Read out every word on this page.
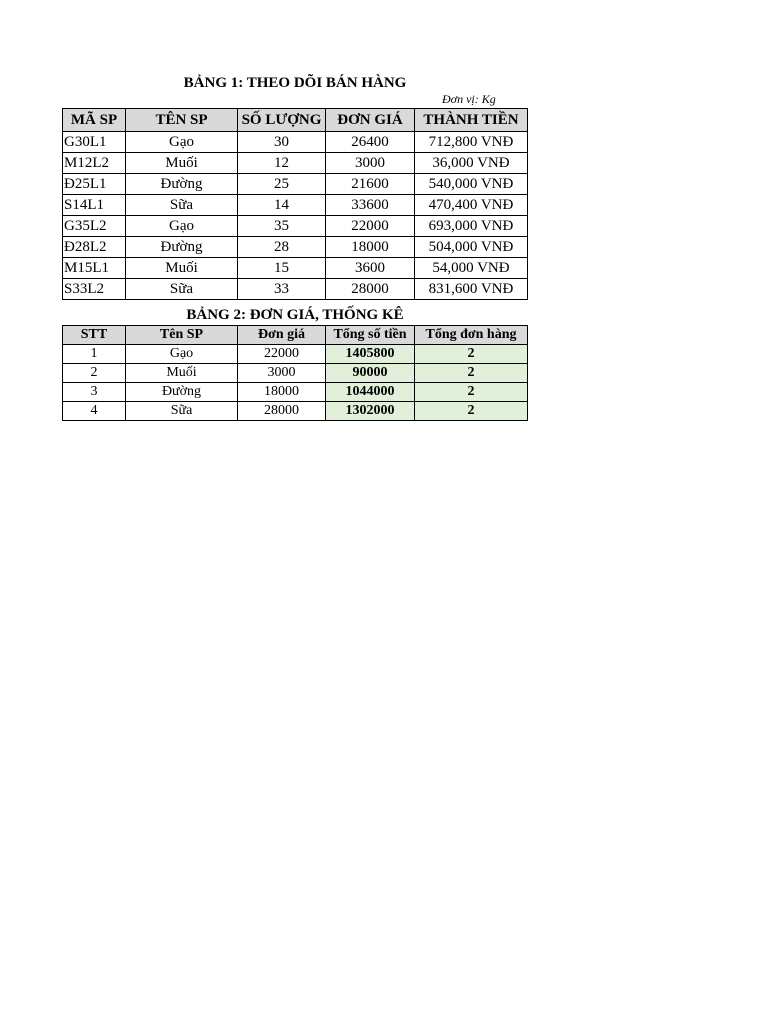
BẢNG 1: THEO DÕI BÁN HÀNG
Đơn vị: Kg
MÃ SP	TÊN SP	SỐ LƯỢNG	ĐƠN GIÁ	THÀNH TIỀN
G30L1	Gạo	30	26400	712,800 VNĐ
M12L2	Muối	12	3000	36,000 VNĐ
Đ25L1	Đường	25	21600	540,000 VNĐ
S14L1	Sữa	14	33600	470,400 VNĐ
G35L2	Gạo	35	22000	693,000 VNĐ
Đ28L2	Đường	28	18000	504,000 VNĐ
M15L1	Muối	15	3600	54,000 VNĐ
S33L2	Sữa	33	28000	831,600 VNĐ
BẢNG 2: ĐƠN GIÁ, THỐNG KÊ
STT	Tên SP	Đơn giá	Tổng số tiền	Tổng đơn hàng
1	Gạo	22000	1405800	2
2	Muối	3000	90000	2
3	Đường	18000	1044000	2
4	Sữa	28000	1302000	2
